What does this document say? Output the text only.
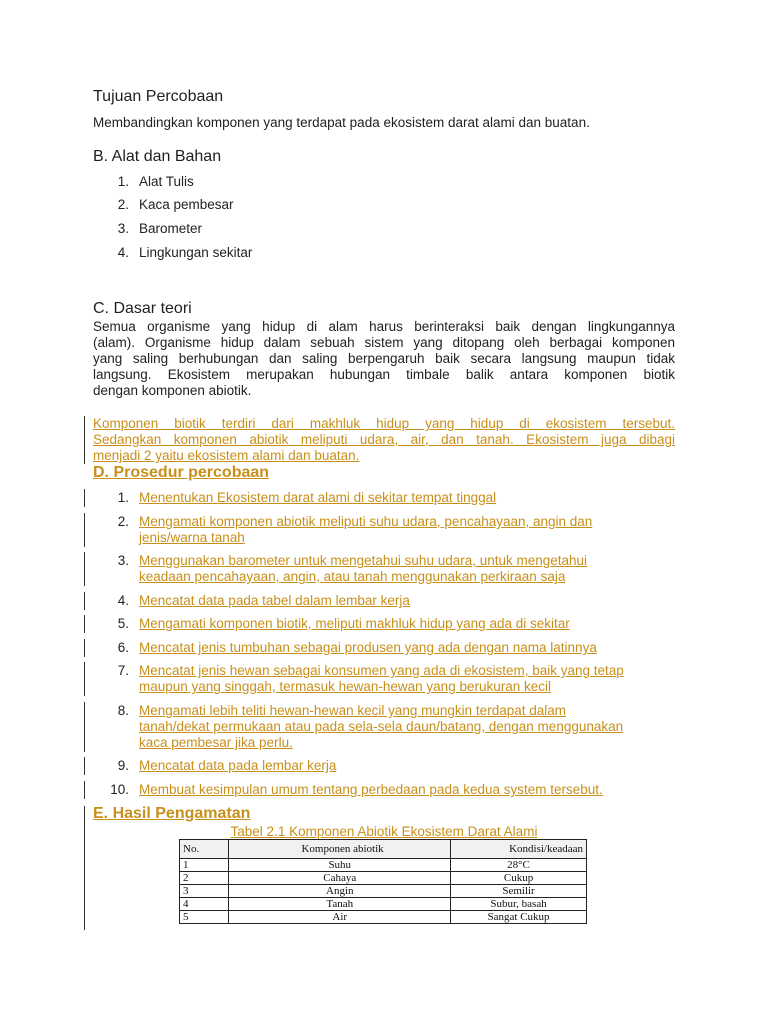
Tujuan Percobaan
Membandingkan komponen yang terdapat pada ekosistem darat alami dan buatan.
B. Alat dan Bahan
1. Alat Tulis
2. Kaca pembesar
3. Barometer
4. Lingkungan sekitar
C. Dasar teori
Semua organisme yang hidup di alam harus berinteraksi baik dengan lingkungannya
(alam). Organisme hidup dalam sebuah sistem yang ditopang oleh berbagai komponen
yang saling berhubungan dan saling berpengaruh baik secara langsung maupun tidak
langsung. Ekosistem merupakan hubungan timbale balik antara komponen biotik
dengan komponen abiotik.
Komponen biotik terdiri dari makhluk hidup yang hidup di ekosistem tersebut.
Sedangkan komponen abiotik meliputi udara, air, dan tanah. Ekosistem juga dibagi
menjadi 2 yaitu ekosistem alami dan buatan.
D. Prosedur percobaan
1. Menentukan Ekosistem darat alami di sekitar tempat tinggal
2. Mengamati komponen abiotik meliputi suhu udara, pencahayaan, angin dan
jenis/warna tanah
3. Menggunakan barometer untuk mengetahui suhu udara, untuk mengetahui
keadaan pencahayaan, angin, atau tanah menggunakan perkiraan saja
4. Mencatat data pada tabel dalam lembar kerja
5. Mengamati komponen biotik, meliputi makhluk hidup yang ada di sekitar
6. Mencatat jenis tumbuhan sebagai produsen yang ada dengan nama latinnya
7. Mencatat jenis hewan sebagai konsumen yang ada di ekosistem, baik yang tetap
maupun yang singgah, termasuk hewan-hewan yang berukuran kecil
8. Mengamati lebih teliti hewan-hewan kecil yang mungkin terdapat dalam
tanah/dekat permukaan atau pada sela-sela daun/batang, dengan menggunakan
kaca pembesar jika perlu.
9. Mencatat data pada lembar kerja
10. Membuat kesimpulan umum tentang perbedaan pada kedua system tersebut.
E. Hasil Pengamatan
Tabel 2.1 Komponen Abiotik Ekosistem Darat Alami
No.	Komponen abiotik	Kondisi/keadaan
1	Suhu	28°C
2	Cahaya	Cukup
3	Angin	Semilir
4	Tanah	Subur, basah
5	Air	Sangat Cukup
